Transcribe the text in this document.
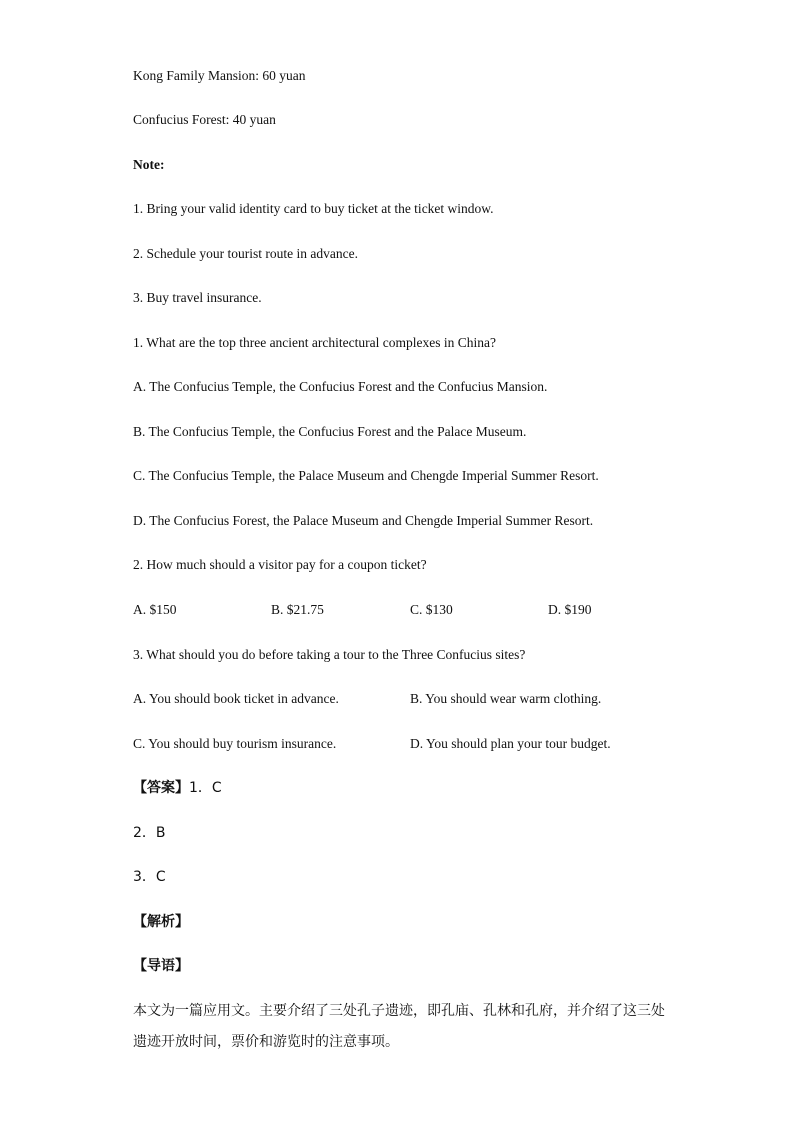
Kong Family Mansion: 60 yuan
Confucius Forest: 40 yuan
Note:
1. Bring your valid identity card to buy ticket at the ticket window.
2. Schedule your tourist route in advance.
3. Buy travel insurance.
1. What are the top three ancient architectural complexes in China?
A. The Confucius Temple, the Confucius Forest and the Confucius Mansion.
B. The Confucius Temple, the Confucius Forest and the Palace Museum.
C. The Confucius Temple, the Palace Museum and Chengde Imperial Summer Resort.
D. The Confucius Forest, the Palace Museum and Chengde Imperial Summer Resort.
2. How much should a visitor pay for a coupon ticket?
A. $150	B. $21.75	C. $130	D. $190
3. What should you do before taking a tour to the Three Confucius sites?
A. You should book ticket in advance.	B. You should wear warm clothing.
C. You should buy tourism insurance.	D. You should plan your tour budget.
【答案】1．C
2．B
3．C
【解析】
【导语】
本文为一篇应用文。主要介绍了三处孔子遗迹，即孔庙、孔林和孔府，并介绍了这三处
遗迹开放时间，票价和游览时的注意事项。
